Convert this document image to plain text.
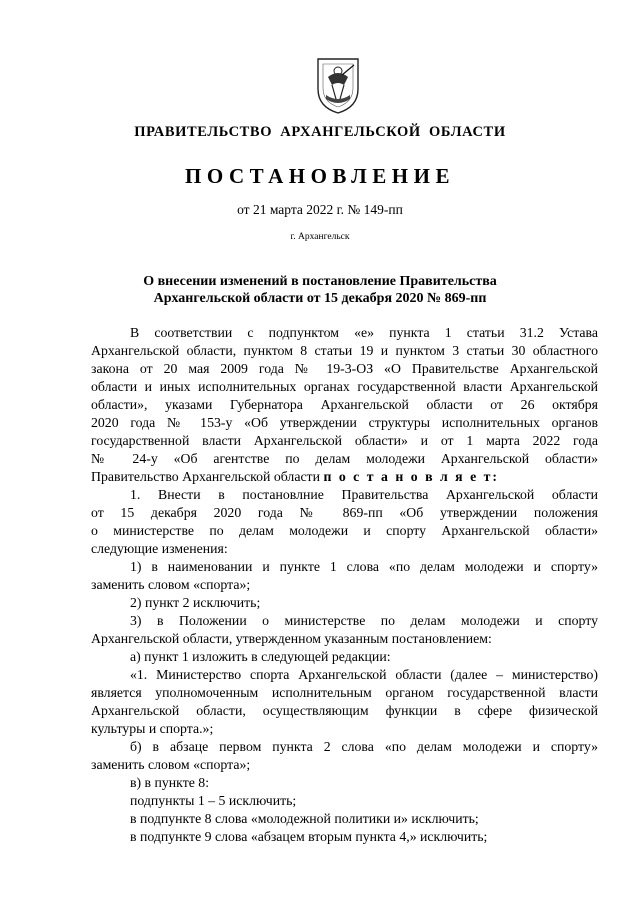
ПРАВИТЕЛЬСТВО АРХАНГЕЛЬСКОЙ ОБЛАСТИ
ПОСТАНОВЛЕНИЕ
от 21 марта 2022 г. № 149-пп
г. Архангельск
О внесении изменений в постановление Правительства
Архангельской области от 15 декабря 2020 № 869-пп

В соответствии с подпунктом «е» пункта 1 статьи 31.2 Устава

Архангельской области, пунктом 8 статьи 19 и пунктом 3 статьи 30 областного

закона от 20 мая 2009 года № 19-3-ОЗ «О Правительстве Архангельской

области и иных исполнительных органах государственной власти Архангельской

области», указами Губернатора Архангельской области от 26 октября

2020 года № 153-у «Об утверждении структуры исполнительных органов

государственной власти Архангельской области» и от 1 марта 2022 года

№ 24-у «Об агентстве по делам молодежи Архангельской области»

Правительство Архангельской области п о с т а н о в л я е т:

1. Внести в постановлние Правительства Архангельской области

от 15 декабря 2020 года № 869-пп «Об утверждении положения

о министерстве по делам молодежи и спорту Архангельской области»

следующие изменения:

1) в наименовании и пункте 1 слова «по делам молодежи и спорту»

заменить словом «спорта»;

2) пункт 2 исключить;

3) в Положении о министерстве по делам молодежи и спорту

Архангельской области, утвержденном указанным постановлением:

а) пункт 1 изложить в следующей редакции:

«1. Министерство спорта Архангельской области (далее – министерство)

является уполномоченным исполнительным органом государственной власти

Архангельской области, осуществляющим функции в сфере физической

культуры и спорта.»;

б) в абзаце первом пункта 2 слова «по делам молодежи и спорту»

заменить словом «спорта»;

в) в пункте 8:

подпункты 1 – 5 исключить;

в подпункте 8 слова «молодежной политики и» исключить;

в подпункте 9 слова «абзацем вторым пункта 4,» исключить;
